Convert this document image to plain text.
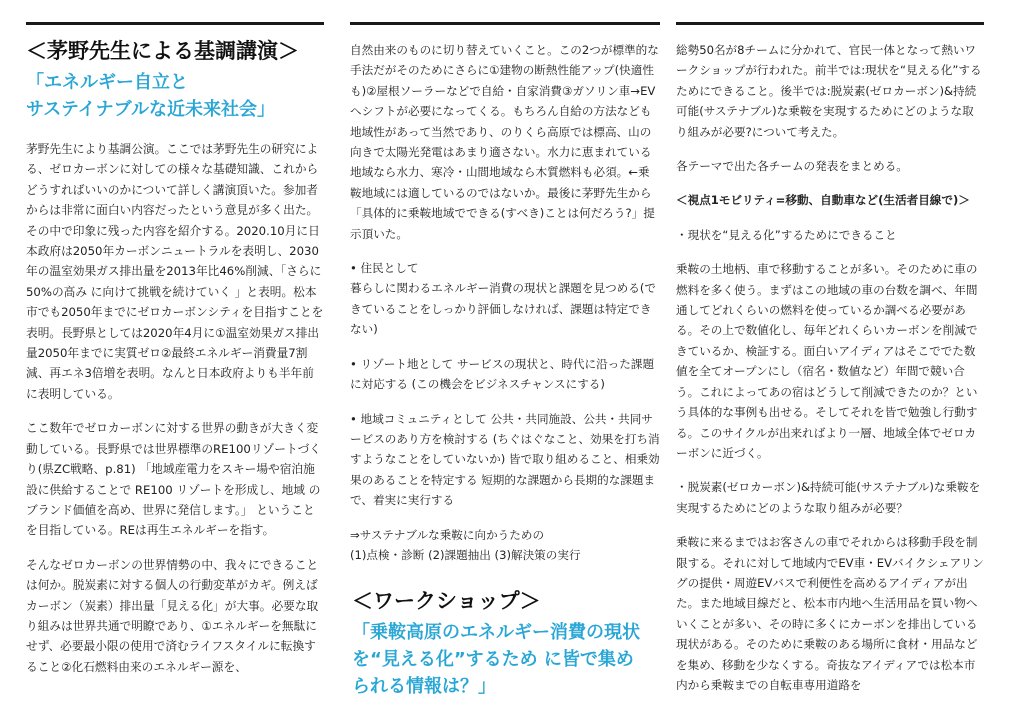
＜茅野先生による基調講演＞
「エネルギー自立と
サステイナブルな近未来社会」

茅野先生により基調公演。ここでは茅野先生の研究による、ゼロカーボンに対しての様々な基礎知識、これからどうすればいいのかについて詳しく講演頂いた。参加者からは非常に面白い内容だったという意見が多く出た。その中で印象に残った内容を紹介する。2020.10月に日本政府は2050年カーボンニュートラルを表明し、2030年の温室効果ガス排出量を2013年比46%削減、「さらに50%の高み に向けて挑戦を続けていく 」と表明。松本市でも2050年までにゼロカーボンシティを目指すことを表明。長野県としては2020年4月に①温室効果ガス排出量2050年までに実質ゼロ②最終エネルギー消費量7割減、再エネ3倍増を表明。なんと日本政府よりも半年前に表明している。

ここ数年でゼロカーボンに対する世界の動きが大きく変動している。長野県では世界標準のRE100リゾートづくり(県ZC戦略、p.81) 「地域産電力をスキー場や宿泊施設に供給することで RE100 リゾートを形成し、地域 のブランド価値を高め、世界に発信します。」 ということを目指している。REは再生エネルギーを指す。

そんなゼロカーボンの世界情勢の中、我々にできることは何か。脱炭素に対する個人の行動変革がカギ。例えばカーボン（炭素）排出量「見える化」が大事。必要な取り組みは世界共通で明瞭であり、①エネルギーを無駄にせず、必要最小限の使用で済むライフスタイルに転換すること②化石燃料由来のエネルギー源を、

自然由来のものに切り替えていくこと。この2つが標準的な手法だがそのためにさらに①建物の断熱性能アップ(快適性も)②屋根ソーラーなどで自給・自家消費③ガソリン車→EVへシフトが必要になってくる。もちろん自給の方法なども地域性があって当然であり、のりくら高原では標高、山の向きで太陽光発電はあまり適さない。水力に恵まれている地域なら水力、寒冷・山間地域なら木質燃料も必須。←乗鞍地域には適しているのではないか。最後に茅野先生から「具体的に乗鞍地域でできる(すべき)ことは何だろう?」提示頂いた。

• 住民として
暮らしに関わるエネルギー消費の現状と課題を見つめる(できていることをしっかり評価しなければ、課題は特定できない)

• リゾート地として サービスの現状と、時代に沿った課題に対応する (この機会をビジネスチャンスにする)

• 地域コミュニティとして 公共・共同施設、公共・共同サービスのあり方を検討する (ちぐはぐなこと、効果を打ち消すようなことをしていないか) 皆で取り組めること、相乗効果のあることを特定する 短期的な課題から長期的な課題まで、着実に実行する

⇒サステナブルな乗鞍に向かうための
(1)点検・診断 (2)課題抽出 (3)解決策の実行

＜ワークショップ＞
「乗鞍高原のエネルギー消費の現状
を“見える化”するため に皆で集め
られる情報は？」

総勢50名が8チームに分かれて、官民一体となって熱いワークショップが行われた。前半では:現状を“見える化”するためにできること。後半では:脱炭素(ゼロカーボン)&持続可能(サステナブル)な乗鞍を実現するためにどのような取り組みが必要?について考えた。

各テーマで出た各チームの発表をまとめる。

＜視点1モビリティ=移動、自動車など(生活者目線で)＞

・現状を“見える化”するためにできること

乗鞍の土地柄、車で移動することが多い。そのために車の燃料を多く使う。まずはこの地域の車の台数を調べ、年間通してどれくらいの燃料を使っているか調べる必要がある。その上で数値化し、毎年どれくらいカーボンを削減できているか、検証する。面白いアイディアはそこででた数値を全てオープンにし（宿名・数値など）年間で競い合う。これによってあの宿はどうして削減できたのか？という具体的な事例も出せる。そしてそれを皆で勉強し行動する。このサイクルが出来ればより一層、地域全体でゼロカーボンに近づく。

・脱炭素(ゼロカーボン)&持続可能(サステナブル)な乗鞍を実現するためにどのような取り組みが必要？

乗鞍に来るまではお客さんの車でそれからは移動手段を制限する。それに対して地域内でEV車・EVバイクシェアリングの提供・周遊EVバスで利便性を高めるアイディアが出た。また地域目線だと、松本市内地へ生活用品を買い物へいくことが多い、その時に多くにカーボンを排出している現状がある。そのために乗鞍のある場所に食材・用品などを集め、移動を少なくする。奇抜なアイディアでは松本市内から乗鞍までの自転車専用道路を
